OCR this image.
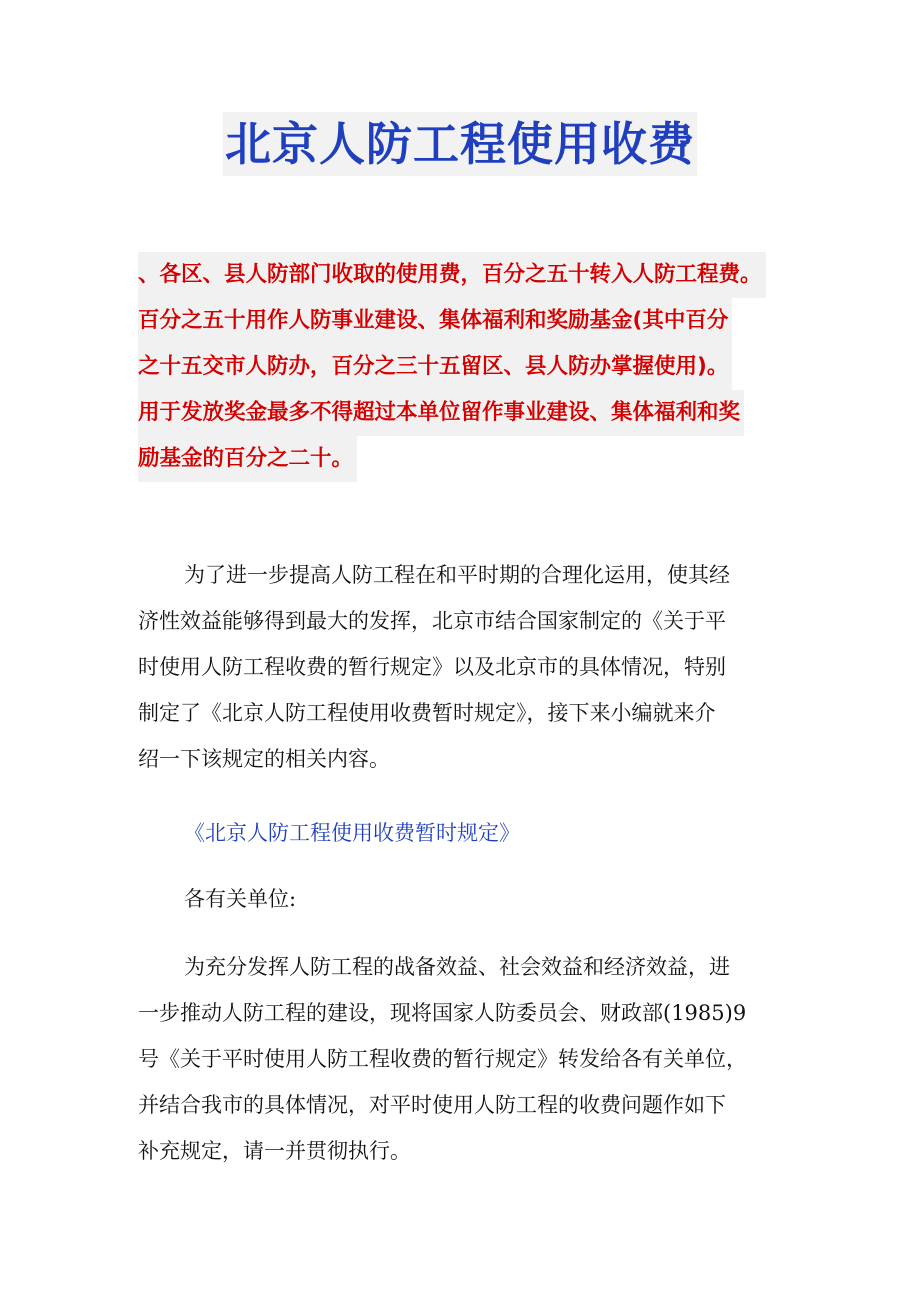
北京人防工程使用收费
、各区、县人防部门收取的使用费，百分之五十转入人防工程费。
百分之五十用作人防事业建设、集体福利和奖励基金(其中百分
之十五交市人防办，百分之三十五留区、县人防办掌握使用)。
用于发放奖金最多不得超过本单位留作事业建设、集体福利和奖
励基金的百分之二十。
为了进一步提高人防工程在和平时期的合理化运用，使其经
济性效益能够得到最大的发挥，北京市结合国家制定的《关于平
时使用人防工程收费的暂行规定》以及北京市的具体情况，特别
制定了《北京人防工程使用收费暂时规定》，接下来小编就来介
绍一下该规定的相关内容。
《北京人防工程使用收费暂时规定》
各有关单位:
为充分发挥人防工程的战备效益、社会效益和经济效益，进
一步推动人防工程的建设，现将国家人防委员会、财政部(1985)9
号《关于平时使用人防工程收费的暂行规定》转发给各有关单位，
并结合我市的具体情况，对平时使用人防工程的收费问题作如下
补充规定，请一并贯彻执行。
